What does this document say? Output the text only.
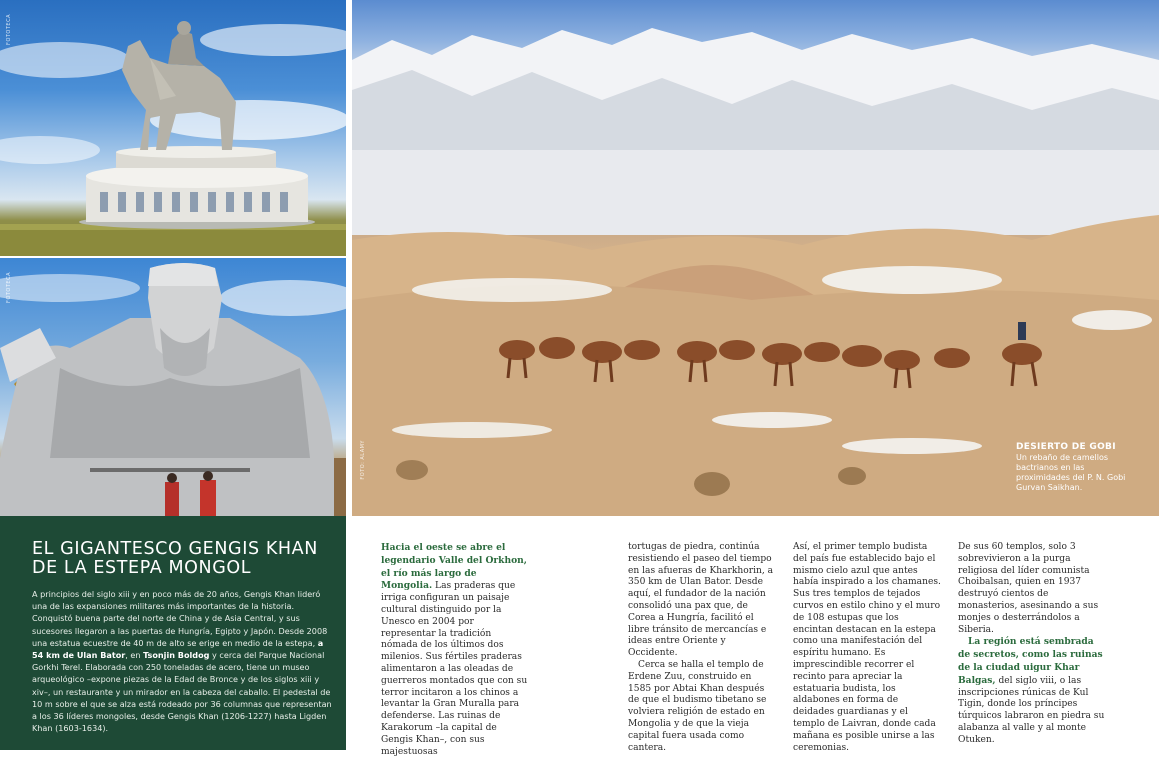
FOTOTECA
FOTOTECA
EL GIGANTESCO GENGIS KHAN DE LA ESTEPA MONGOL

A principios del siglo xiii y en poco más de 20 años, Gengis Khan lideró una de las expansiones militares más importantes de la historia. Conquistó buena parte del norte de China y de Asia Central, y sus sucesores llegaron a las puertas de Hungría, Egipto y Japón. Desde 2008 una estatua ecuestre de 40 m de alto se erige en medio de la estepa, a 54 km de Ulan Bator, en Tsonjin Boldog y cerca del Parque Nacional Gorkhi Terel. Elaborada con 250 toneladas de acero, tiene un museo arqueológico –expone piezas de la Edad de Bronce y de los siglos xiii y xiv–, un restaurante y un mirador en la cabeza del caballo. El pedestal de 10 m sobre el que se alza está rodeado por 36 columnas que representan a los 36 líderes mongoles, desde Gengis Khan (1206-1227) hasta Ligden Khan (1603-1634).

FOTO: ALAMY	DESIERTO DE GOBI
Un rebaño de camellos bactrianos en las proximidades del P. N. Gobi Gurvan Saikhan.

Hacia el oeste se abre el legendario Valle del Orkhon, el río más largo de Mongolia. Las praderas que irriga configuran un paisaje cultural distinguido por la Unesco en 2004 por representar la tradición nómada de los últimos dos milenios. Sus fértiles praderas alimentaron a las oleadas de guerreros montados que con su terror incitaron a los chinos a levantar la Gran Muralla para defenderse. Las ruinas de Karakorum –la capital de Gengis Khan–, con sus majestuosas

tortugas de piedra, continúa resistiendo el paseo del tiempo en las afueras de Kharkhorin, a 350 km de Ulan Bator. Desde aquí, el fundador de la nación consolidó una pax que, de Corea a Hungría, facilitó el libre tránsito de mercancías e ideas entre Oriente y Occidente.

Cerca se halla el templo de Erdene Zuu, construido en 1585 por Abtai Khan después de que el budismo tibetano se volviera religión de estado en Mongolia y de que la vieja capital fuera usada como cantera.

Así, el primer templo budista del país fue establecido bajo el mismo cielo azul que antes había inspirado a los chamanes. Sus tres templos de tejados curvos en estilo chino y el muro de 108 estupas que los encintan destacan en la estepa como una manifestación del espíritu humano. Es imprescindible recorrer el recinto para apreciar la estatuaria budista, los aldabones en forma de deidades guardianas y el templo de Laivran, donde cada mañana es posible unirse a las ceremonias.

De sus 60 templos, solo 3 sobrevivieron a la purga religiosa del líder comunista Choibalsan, quien en 1937 destruyó cientos de monasterios, asesinando a sus monjes o desterrándolos a Siberia.

La región está sembrada de secretos, como las ruinas de la ciudad uigur Khar Balgas, del siglo viii, o las inscripciones rúnicas de Kul Tigin, donde los príncipes túrquicos labraron en piedra su alabanza al valle y al monte Otuken.
